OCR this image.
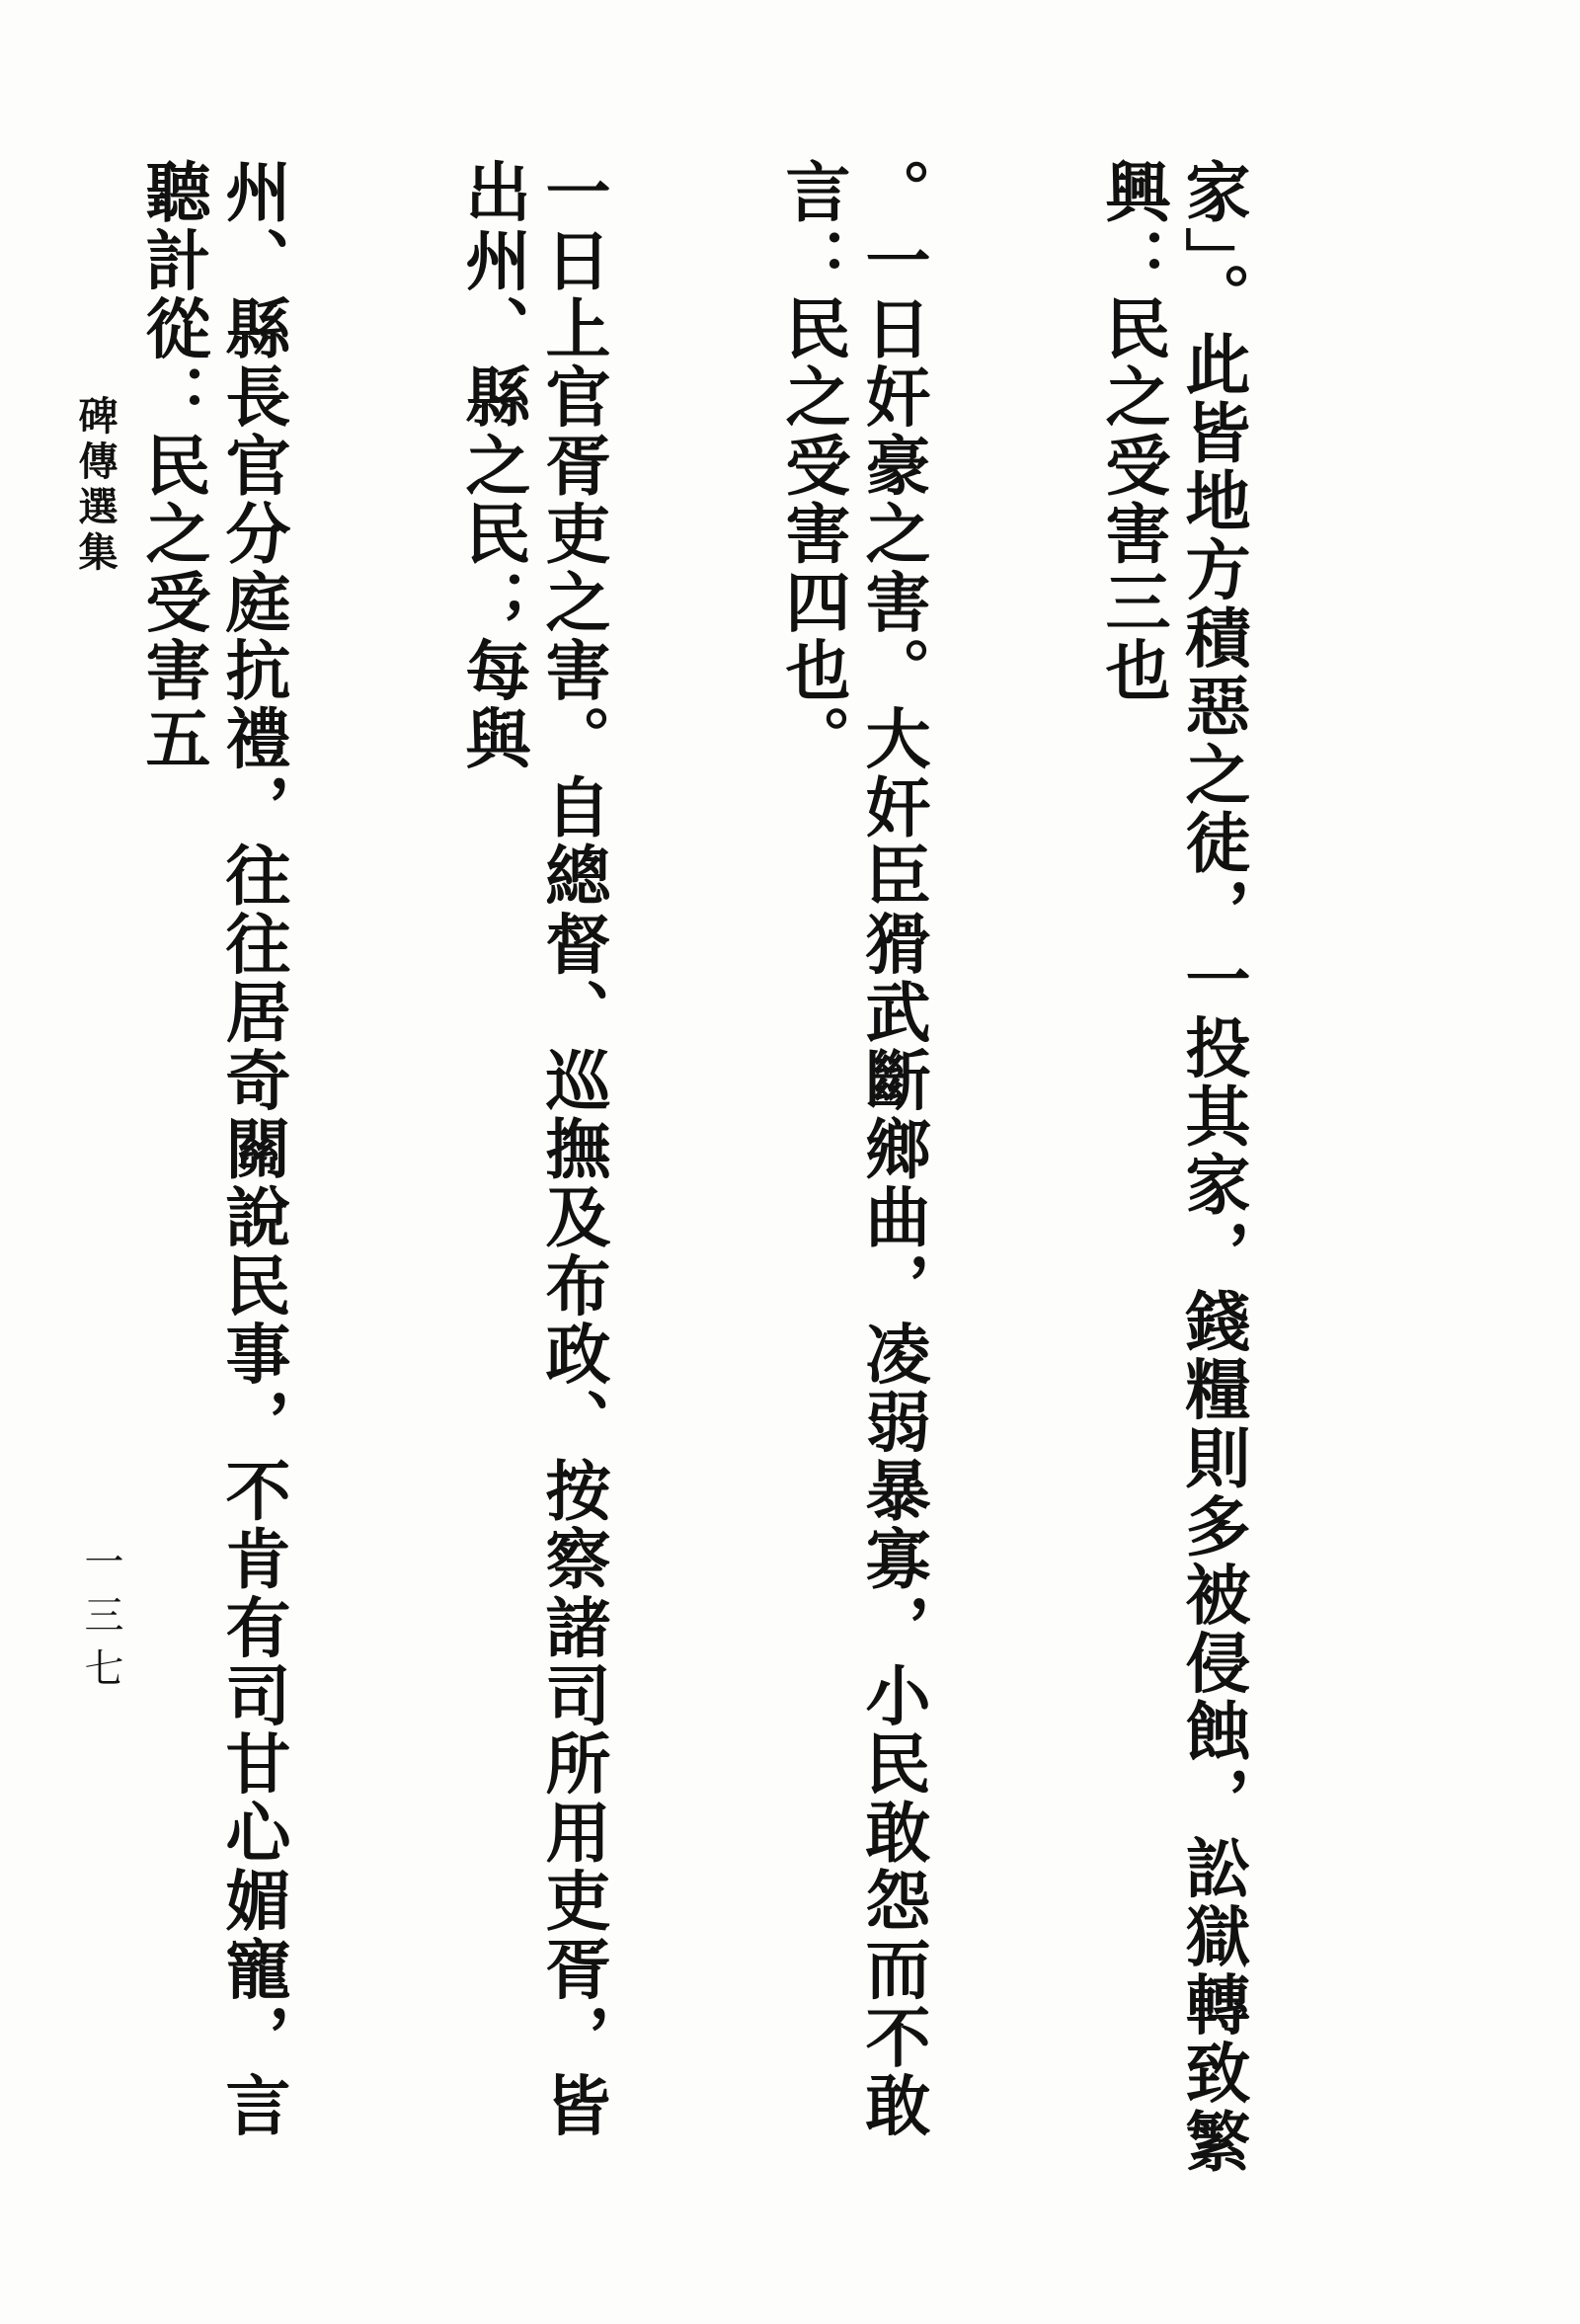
碑傳選集
一三七

	家」。此皆地方積惡之徒，一投其家，錢糧則多被侵蝕，訟獄轉致繁興：民之受害三也

。一日奸豪之害。大奸臣猾武斷鄉曲，凌弱暴寡，小民敢怨而不敢言：民之受害四也。

一日上官胥吏之害。自總督、巡撫及布政、按察諸司所用吏胥，皆出州、縣之民；每與

州、縣長官分庭抗禮，往往居奇關說民事，不肯有司甘心媚寵，言聽計從：民之受害五
